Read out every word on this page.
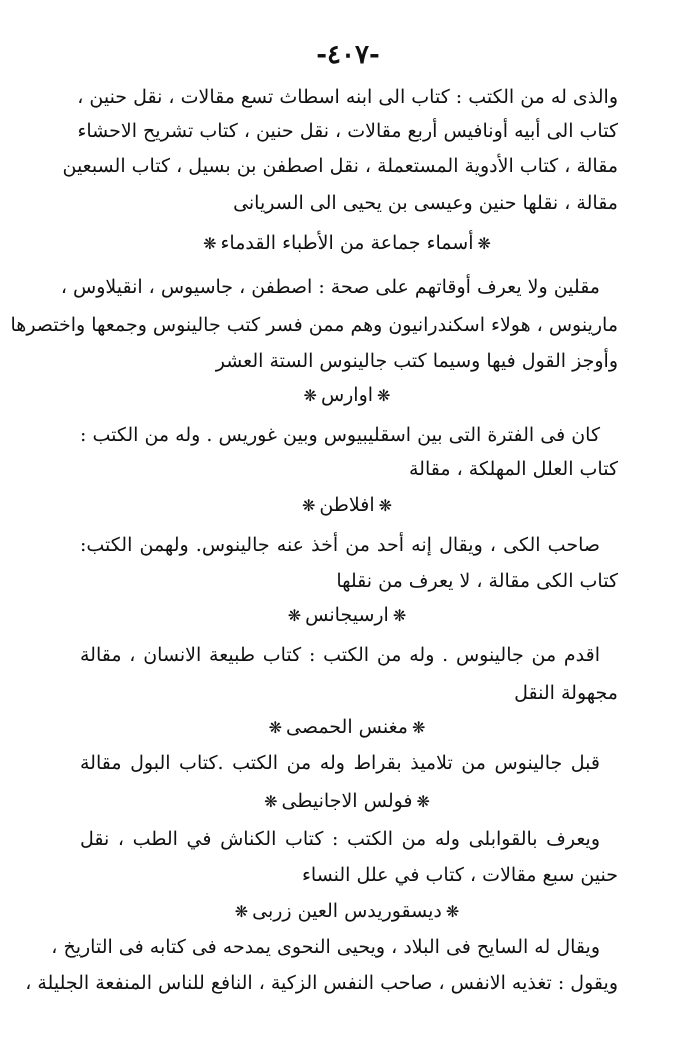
-٤٠٧-
والذى له من الكتب : كتاب الى ابنه اسطاث تسع مقالات ، نقل حنين ،
كتاب الى أبيه أونافيس أربع مقالات ، نقل حنين ، كتاب تشريح الاحشاء
مقالة ، كتاب الأدوية المستعملة ، نقل اصطفن بن بسيل ، كتاب السبعين
مقالة ، نقلها حنين وعيسى بن يحيى الى السريانى
❋أسماء جماعة من الأطباء القدماء❋
مقلين ولا يعرف أوقاتهم على صحة : اصطفن ، جاسيوس ، انقيلاوس ،
مارينوس ، هولاء اسكندرانيون وهم ممن فسر كتب جالينوس وجمعها واختصرها
وأوجز القول فيها وسيما كتب جالينوس الستة العشر
❋اوارس❋
كان فى الفترة التى بين اسقليبيوس وبين غوريس . وله من الكتب :
كتاب العلل المهلكة ، مقالة
❋افلاطن❋
صاحب الكى ، ويقال إنه أحد من أخذ عنه جالينوس. ولهمن الكتب:
كتاب الكى مقالة ، لا يعرف من نقلها
❋ارسيجانس❋
اقدم من جالينوس . وله من الكتب : كتاب طبيعة الانسان ، مقالة
مجهولة النقل
❋مغنس الحمصى❋
قبل جالينوس من تلاميذ بقراط وله من الكتب .كتاب البول مقالة
❋فولس الاجانيطى❋
ويعرف بالقوابلى وله من الكتب : كتاب الكناش في الطب ، نقل
حنين سبع مقالات ، كتاب في علل النساء
❋ديسقوريدس العين زربى❋
ويقال له السايح فى البلاد ، ويحيى النحوى يمدحه فى كتابه فى التاريخ ،
ويقول : تغذيه الانفس ، صاحب النفس الزكية ، النافع للناس المنفعة الجليلة ،
